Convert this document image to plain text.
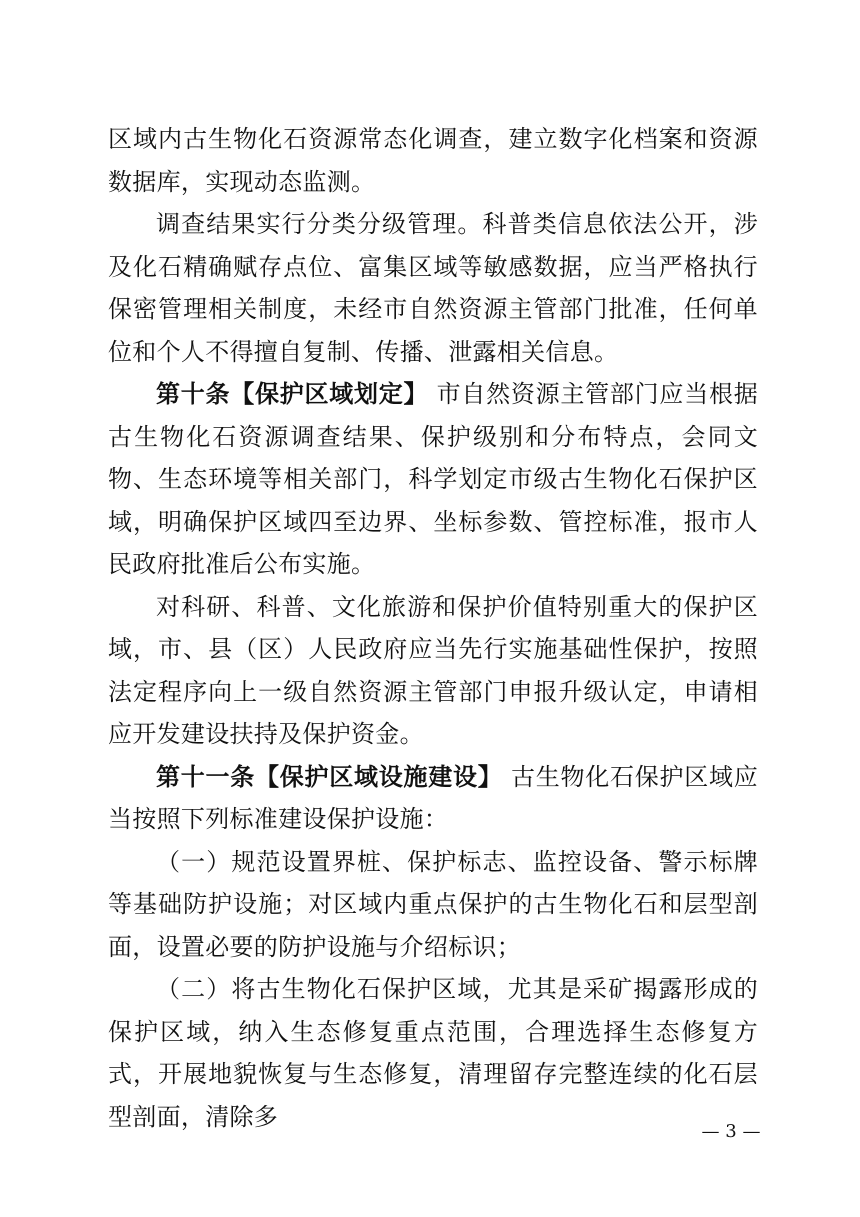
区域内古生物化石资源常态化调查，建立数字化档案和资源数据库，实现动态监测。

调查结果实行分类分级管理。科普类信息依法公开，涉及化石精确赋存点位、富集区域等敏感数据，应当严格执行保密管理相关制度，未经市自然资源主管部门批准，任何单位和个人不得擅自复制、传播、泄露相关信息。

第十条【保护区域划定】 市自然资源主管部门应当根据古生物化石资源调查结果、保护级别和分布特点，会同文物、生态环境等相关部门，科学划定市级古生物化石保护区域，明确保护区域四至边界、坐标参数、管控标准，报市人民政府批准后公布实施。

对科研、科普、文化旅游和保护价值特别重大的保护区域，市、县（区）人民政府应当先行实施基础性保护，按照法定程序向上一级自然资源主管部门申报升级认定，申请相应开发建设扶持及保护资金。

第十一条【保护区域设施建设】 古生物化石保护区域应当按照下列标准建设保护设施：

（一）规范设置界桩、保护标志、监控设备、警示标牌等基础防护设施；对区域内重点保护的古生物化石和层型剖面，设置必要的防护设施与介绍标识；

（二）将古生物化石保护区域，尤其是采矿揭露形成的保护区域，纳入生态修复重点范围，合理选择生态修复方式，开展地貌恢复与生态修复，清理留存完整连续的化石层型剖面，清除多

— 3 —
